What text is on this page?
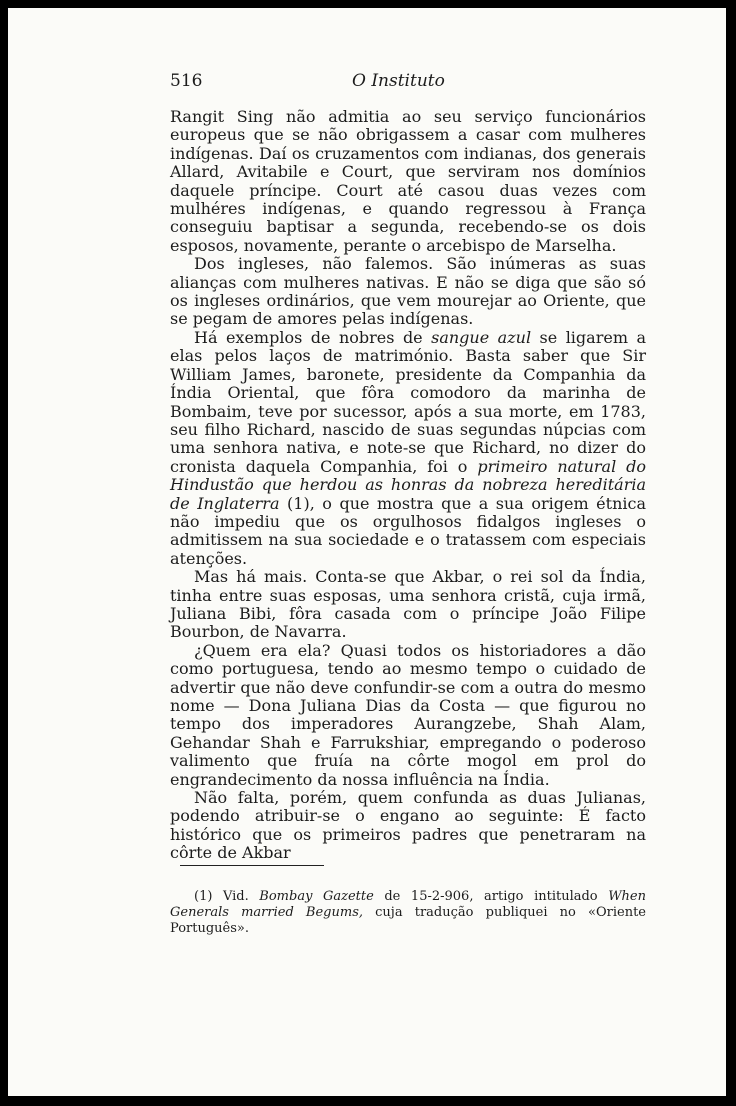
516	O Instituto

Rangit Sing não admitia ao seu serviço funcionários europeus que se não obrigassem a casar com mulheres indígenas. Daí os cruzamentos com indianas, dos generais Allard, Avitabile e Court, que serviram nos domínios daquele príncipe. Court até casou duas vezes com mulhéres indígenas, e quando regressou à França conseguiu baptisar a segunda, recebendo-se os dois esposos, novamente, perante o arcebispo de Marselha.

Dos ingleses, não falemos. São inúmeras as suas alianças com mulheres nativas. E não se diga que são só os ingleses ordinários, que vem mourejar ao Oriente, que se pegam de amores pelas indígenas.

Há exemplos de nobres de sangue azul se ligarem a elas pelos laços de matrimónio. Basta saber que Sir William James, baronete, presidente da Companhia da Índia Oriental, que fôra comodoro da marinha de Bombaim, teve por sucessor, após a sua morte, em 1783, seu filho Richard, nascido de suas segundas núpcias com uma senhora nativa, e note-se que Richard, no dizer do cronista daquela Companhia, foi o primeiro natural do Hindustão que herdou as honras da nobreza hereditária de Inglaterra (1), o que mostra que a sua origem étnica não impediu que os orgulhosos fidalgos ingleses o admitissem na sua sociedade e o tratassem com especiais atenções.

Mas há mais. Conta-se que Akbar, o rei sol da Índia, tinha entre suas esposas, uma senhora cristã, cuja irmã, Juliana Bibi, fôra casada com o príncipe João Filipe Bourbon, de Navarra.

¿Quem era ela? Quasi todos os historiadores a dão como portuguesa, tendo ao mesmo tempo o cuidado de advertir que não deve confundir-se com a outra do mesmo nome — Dona Juliana Dias da Costa — que figurou no tempo dos imperadores Aurangzebe, Shah Alam, Gehandar Shah e Farrukshiar, empregando o poderoso valimento que fruía na côrte mogol em prol do engrandecimento da nossa influência na Índia.

Não falta, porém, quem confunda as duas Julianas, podendo atribuir-se o engano ao seguinte: É facto histórico que os primeiros padres que penetraram na côrte de Akbar

(1) Vid. Bombay Gazette de 15-2-906, artigo intitulado When Generals married Begums, cuja tradução publiquei no «Oriente Português».
